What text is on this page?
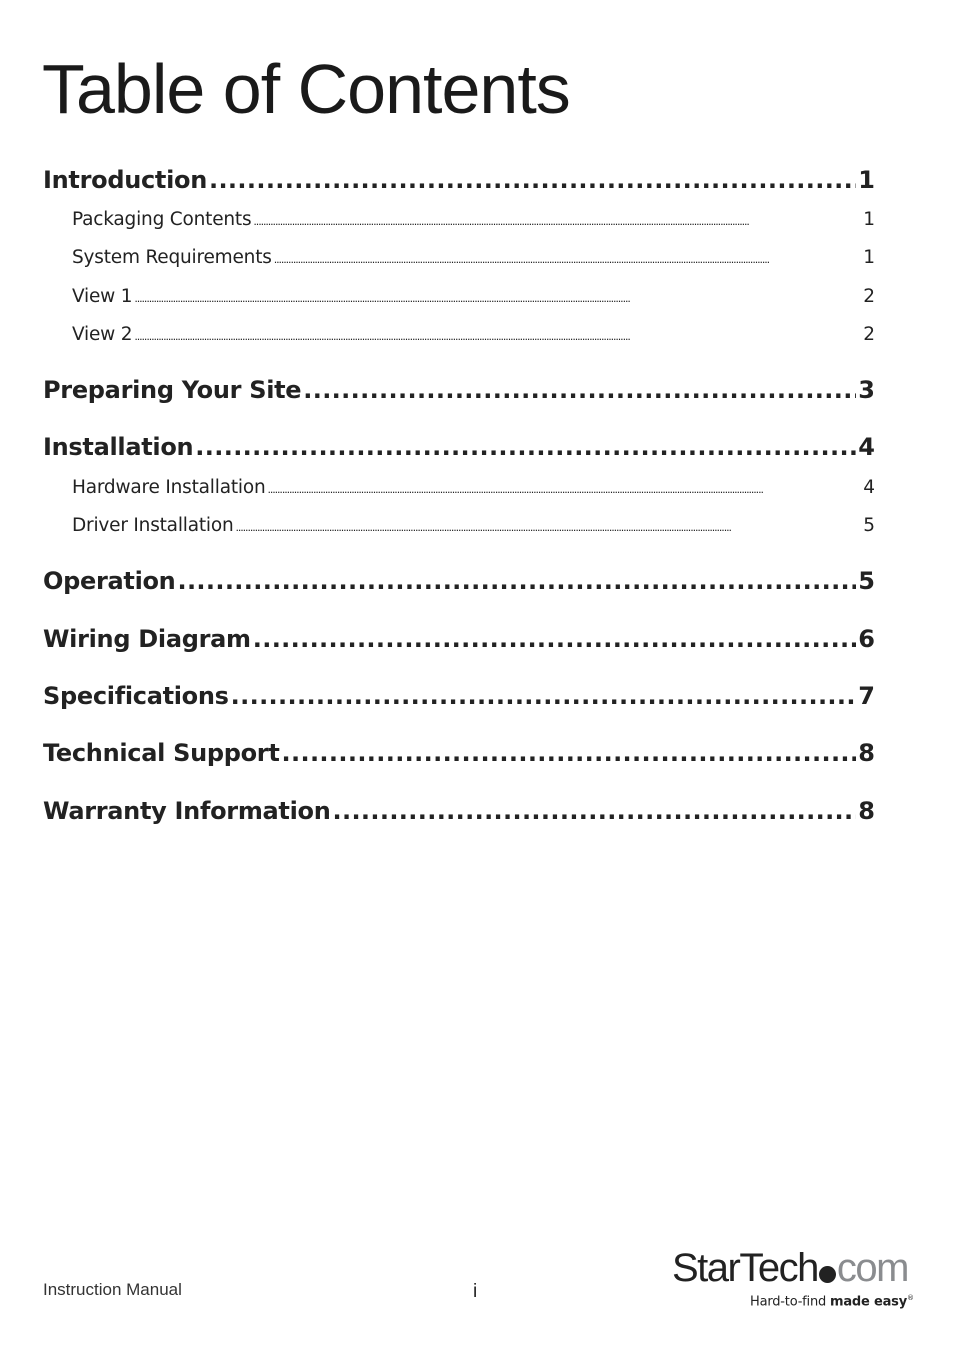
Table of Contents
Introduction . . .	1
Packaging Contents . . .	1
System Requirements . . .	1
View 1 . . .	2
View 2 . . .	2
Preparing Your Site . . .	3
Installation . . .	4
Hardware Installation . . .	4
Driver Installation . . .	5
Operation . . .	5
Wiring Diagram . . .	6
Specifications . . .	7
Technical Support . . .	8
Warranty Information . . .	8
Instruction Manual	i
StarTech com
Hard-to-find made easy®
